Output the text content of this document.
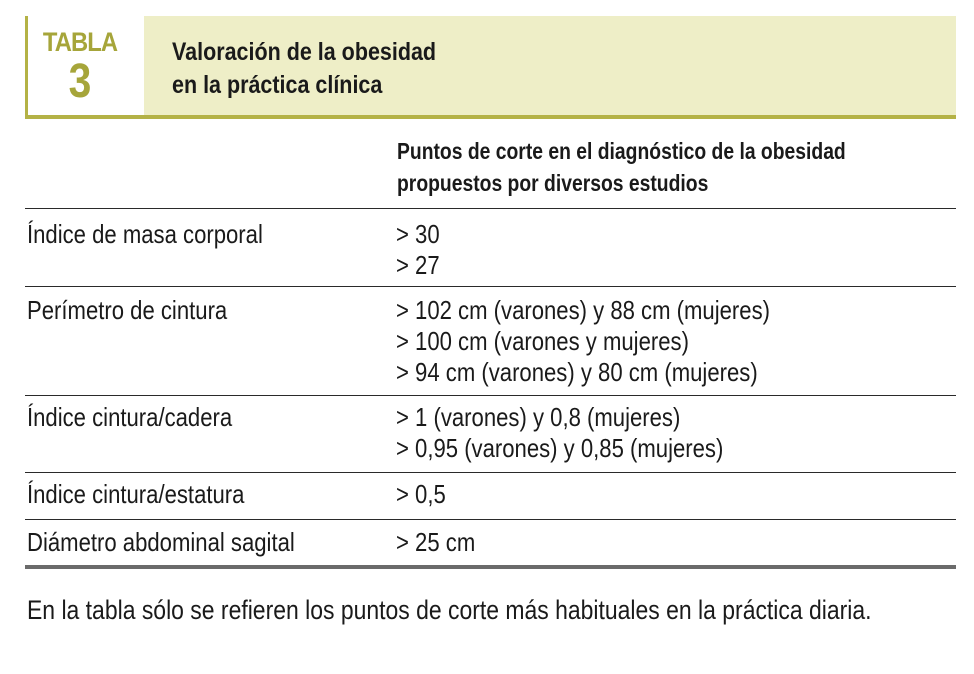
TABLA
3
Valoración de la obesidad
en la práctica clínica
Puntos de corte en el diagnóstico de la obesidad
propuestos por diversos estudios
Índice de masa corporal	> 30
> 27
Perímetro de cintura	> 102 cm (varones) y 88 cm (mujeres)
> 100 cm (varones y mujeres)
> 94 cm (varones) y 80 cm (mujeres)
Índice cintura/cadera	> 1 (varones) y 0,8 (mujeres)
> 0,95 (varones) y 0,85 (mujeres)
Índice cintura/estatura	> 0,5
Diámetro abdominal sagital	> 25 cm
En la tabla sólo se refieren los puntos de corte más habituales en la práctica diaria.
